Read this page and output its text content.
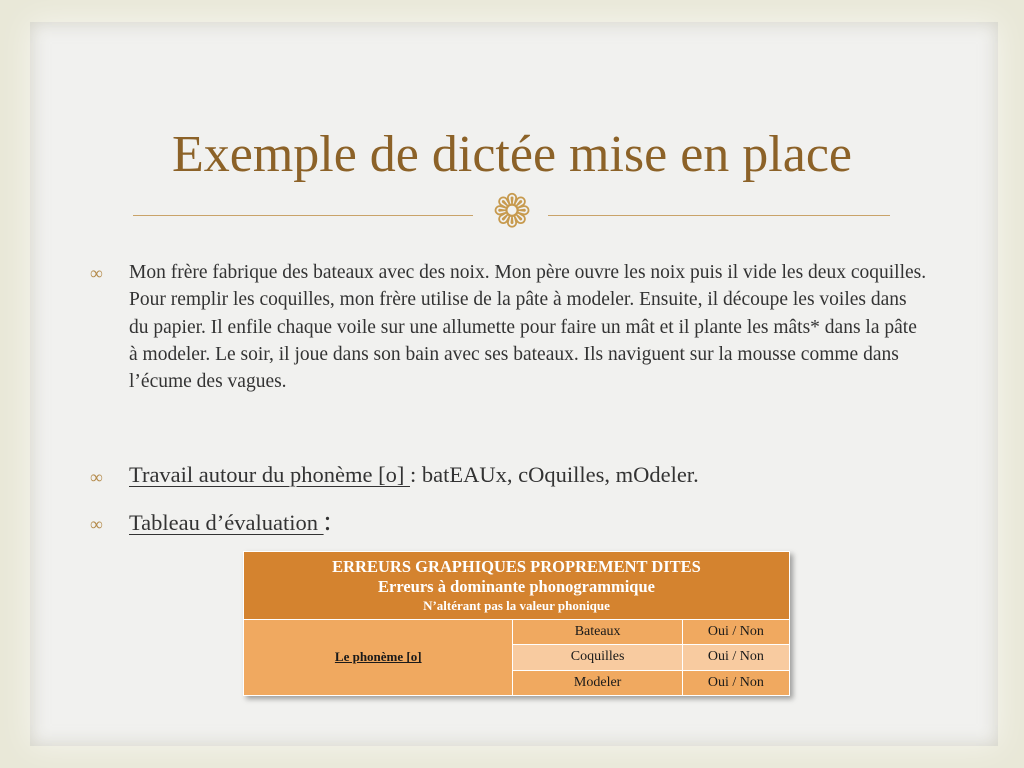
Exemple de dictée mise en place
❁
∞ Mon frère fabrique des bateaux avec des noix. Mon père ouvre les noix puis il vide les deux coquilles. Pour remplir les coquilles, mon frère utilise de la pâte à modeler. Ensuite, il découpe les voiles dans du papier. Il enfile chaque voile sur une allumette pour faire un mât et il plante les mâts* dans la pâte à modeler. Le soir, il joue dans son bain avec ses bateaux. Ils naviguent sur la mousse comme dans l’écume des vagues.
∞ Travail autour du phonème [o] : batEAUx, cOquilles, mOdeler.
∞ Tableau d’évaluation :
ERREURS GRAPHIQUES PROPREMENT DITES
Erreurs à dominante phonogrammique
N’altérant pas la valeur phonique		

Le phonème [o]	Bateaux	Oui / Non
	Coquilles	Oui / Non
	Modeler	Oui / Non
